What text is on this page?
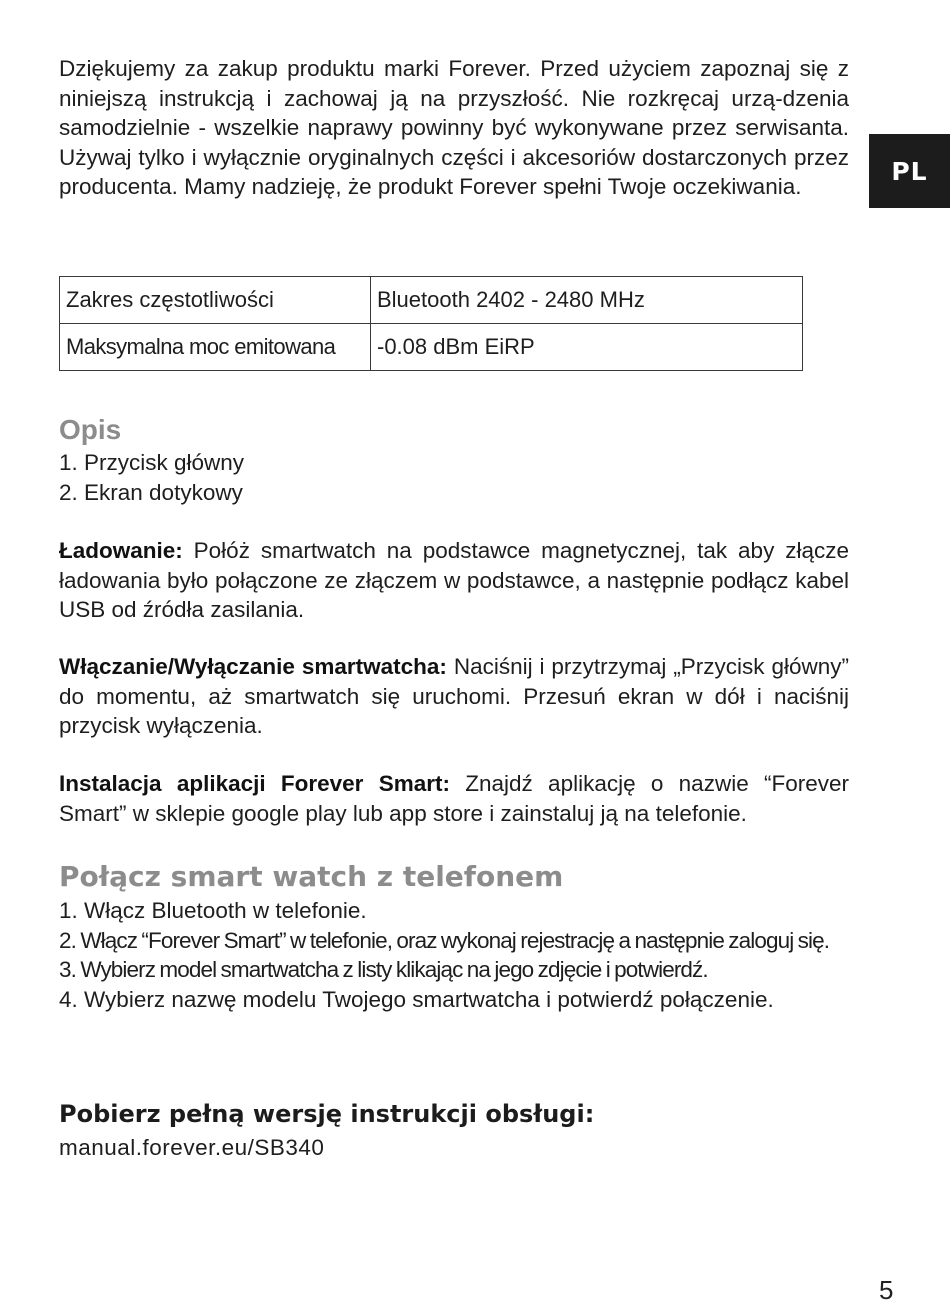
PL

Dziękujemy za zakup produktu marki Forever. Przed użyciem zapoznaj się z niniejszą instrukcją i zachowaj ją na przyszłość. Nie rozkręcaj urzą-dzenia samodzielnie - wszelkie naprawy powinny być wykonywane przez serwisanta. Używaj tylko i wyłącznie oryginalnych części i akcesoriów dostarczonych przez producenta. Mamy nadzieję, że produkt Forever spełni Twoje oczekiwania.

Zakres częstotliwości	Bluetooth 2402 - 2480 MHz
Maksymalna moc emitowana	-0.08 dBm EiRP
Opis
1. Przycisk główny
2. Ekran dotykowy

Ładowanie: Połóż smartwatch na podstawce magnetycznej, tak aby złącze ładowania było połączone ze złączem w podstawce, a następnie podłącz kabel USB od źródła zasilania.

Włączanie/Wyłączanie smartwatcha: Naciśnij i przytrzymaj „Przycisk główny” do momentu, aż smartwatch się uruchomi. Przesuń ekran w dół i naciśnij przycisk wyłączenia.

Instalacja aplikacji Forever Smart: Znajdź aplikację o nazwie “Forever Smart” w sklepie google play lub app store i zainstaluj ją na telefonie.

Połącz smart watch z telefonem
1. Włącz Bluetooth w telefonie.
2. Włącz “Forever Smart” w telefonie, oraz wykonaj rejestrację a następnie zaloguj się.
3. Wybierz model smartwatcha z listy klikając na jego zdjęcie i potwierdź.
4. Wybierz nazwę modelu Twojego smartwatcha i potwierdź połączenie.
Pobierz pełną wersję instrukcji obsługi:

manual.forever.eu/SB340

5
